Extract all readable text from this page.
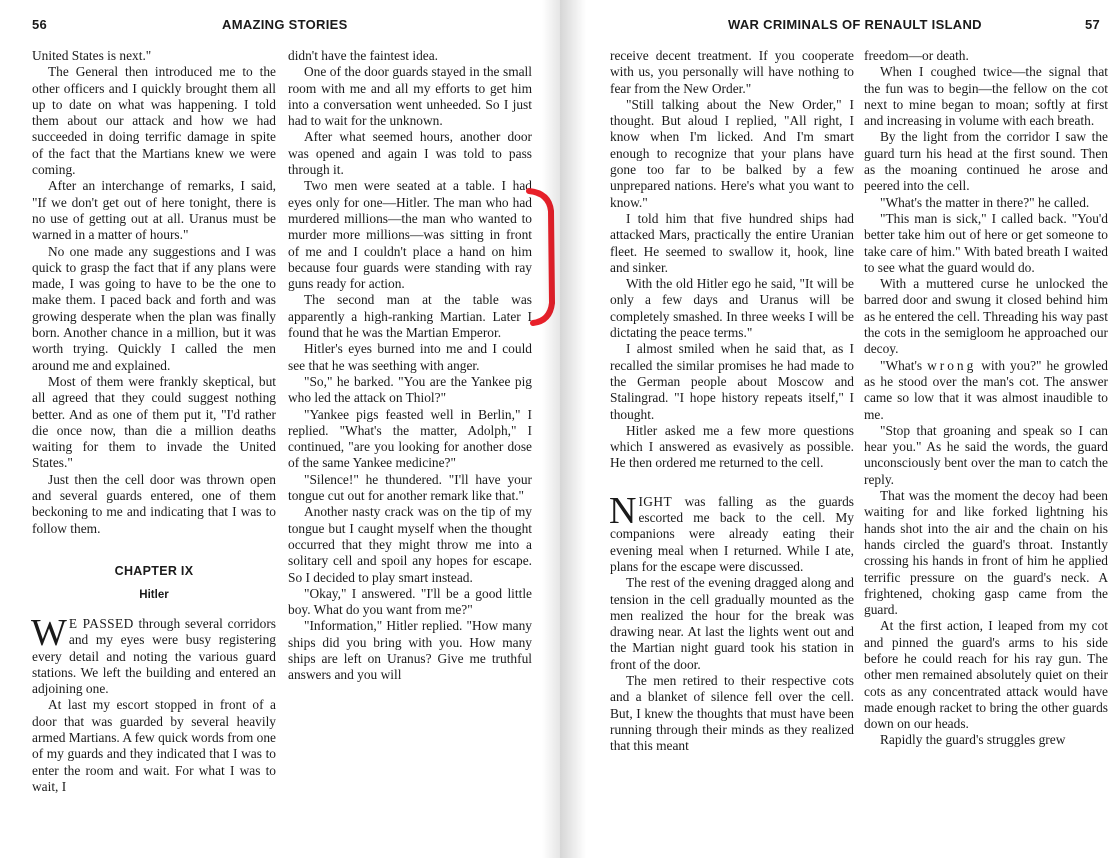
56	AMAZING STORIES

United States is next."

The General then introduced me to the other officers and I quickly brought them all up to date on what was happening. I told them about our attack and how we had succeeded in doing terrific damage in spite of the fact that the Martians knew we were coming.

After an interchange of remarks, I said, "If we don't get out of here tonight, there is no use of getting out at all. Uranus must be warned in a matter of hours."

No one made any suggestions and I was quick to grasp the fact that if any plans were made, I was going to have to be the one to make them. I paced back and forth and was growing desperate when the plan was finally born. Another chance in a million, but it was worth trying. Quickly I called the men around me and explained.

Most of them were frankly skeptical, but all agreed that they could suggest nothing better. And as one of them put it, "I'd rather die once now, than die a million deaths waiting for them to invade the United States."

Just then the cell door was thrown open and several guards entered, one of them beckoning to me and indicating that I was to follow them.

CHAPTER IX
Hitler

W E PASSED through several corridors and my eyes were busy registering every detail and noting the various guard stations. We left the building and entered an adjoining one.

At last my escort stopped in front of a door that was guarded by several heavily armed Martians. A few quick words from one of my guards and they indicated that I was to enter the room and wait. For what I was to wait, I

didn't have the faintest idea.

One of the door guards stayed in the small room with me and all my efforts to get him into a conversation went unheeded. So I just had to wait for the unknown.

After what seemed hours, another door was opened and again I was told to pass through it.

Two men were seated at a table. I had eyes only for one—Hitler. The man who had murdered millions—the man who wanted to murder more millions—was sitting in front of me and I couldn't place a hand on him because four guards were standing with ray guns ready for action.

The second man at the table was apparently a high-ranking Martian. Later I found that he was the Martian Emperor.

Hitler's eyes burned into me and I could see that he was seething with anger.

"So," he barked. "You are the Yankee pig who led the attack on Thiol?"

"Yankee pigs feasted well in Berlin," I replied. "What's the matter, Adolph," I continued, "are you looking for another dose of the same Yankee medicine?"

"Silence!" he thundered. "I'll have your tongue cut out for another remark like that."

Another nasty crack was on the tip of my tongue but I caught myself when the thought occurred that they might throw me into a solitary cell and spoil any hopes for escape. So I decided to play smart instead.

"Okay," I answered. "I'll be a good little boy. What do you want from me?"

"Information," Hitler replied. "How many ships did you bring with you. How many ships are left on Uranus? Give me truthful answers and you will

WAR CRIMINALS OF RENAULT ISLAND	57

receive decent treatment. If you cooperate with us, you personally will have nothing to fear from the New Order."

"Still talking about the New Order," I thought. But aloud I replied, "All right, I know when I'm licked. And I'm smart enough to recognize that your plans have gone too far to be balked by a few unprepared nations. Here's what you want to know."

I told him that five hundred ships had attacked Mars, practically the entire Uranian fleet. He seemed to swallow it, hook, line and sinker.

With the old Hitler ego he said, "It will be only a few days and Uranus will be completely smashed. In three weeks I will be dictating the peace terms."

I almost smiled when he said that, as I recalled the similar promises he had made to the German people about Moscow and Stalingrad. "I hope history repeats itself," I thought.

Hitler asked me a few more questions which I answered as evasively as possible. He then ordered me returned to the cell.

NIGHT was falling as the guards escorted me back to the cell. My companions were already eating their evening meal when I returned. While I ate, plans for the escape were discussed.

The rest of the evening dragged along and tension in the cell gradually mounted as the men realized the hour for the break was drawing near. At last the lights went out and the Martian night guard took his station in front of the door.

The men retired to their respective cots and a blanket of silence fell over the cell. But, I knew the thoughts that must have been running through their minds as they realized that this meant

freedom—or death.

When I coughed twice—the signal that the fun was to begin—the fellow on the cot next to mine began to moan; softly at first and increasing in volume with each breath.

By the light from the corridor I saw the guard turn his head at the first sound. Then as the moaning continued he arose and peered into the cell.

"What's the matter in there?" he called.

"This man is sick," I called back. "You'd better take him out of here or get someone to take care of him." With bated breath I waited to see what the guard would do.

With a muttered curse he unlocked the barred door and swung it closed behind him as he entered the cell. Threading his way past the cots in the semigloom he approached our decoy.

"What's wrong with you?" he growled as he stood over the man's cot. The answer came so low that it was almost inaudible to me.

"Stop that groaning and speak so I can hear you." As he said the words, the guard unconsciously bent over the man to catch the reply.

That was the moment the decoy had been waiting for and like forked lightning his hands shot into the air and the chain on his hands circled the guard's throat. Instantly crossing his hands in front of him he applied terrific pressure on the guard's neck. A frightened, choking gasp came from the guard.

At the first action, I leaped from my cot and pinned the guard's arms to his side before he could reach for his ray gun. The other men remained absolutely quiet on their cots as any concentrated attack would have made enough racket to bring the other guards down on our heads.

Rapidly the guard's struggles grew
